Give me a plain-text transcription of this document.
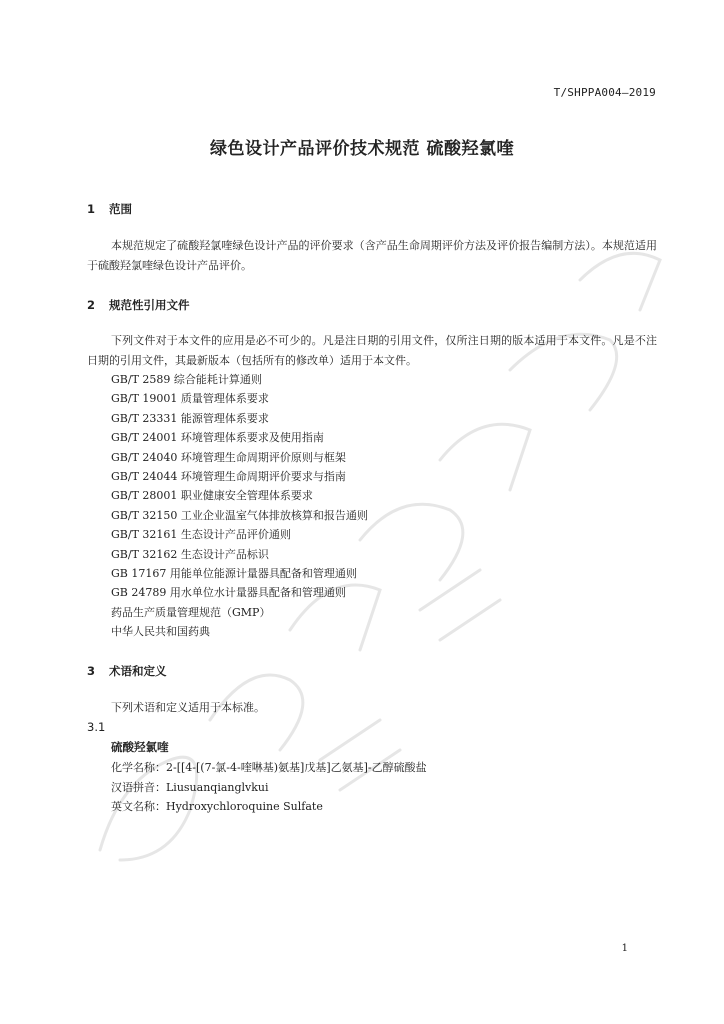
T/SHPPA004—2019
绿色设计产品评价技术规范 硫酸羟氯喹
1 范围
本规范规定了硫酸羟氯喹绿色设计产品的评价要求（含产品生命周期评价方法及评价报告编制方法）。本规范适用于硫酸羟氯喹绿色设计产品评价。
2 规范性引用文件
下列文件对于本文件的应用是必不可少的。凡是注日期的引用文件，仅所注日期的版本适用于本文件。凡是不注日期的引用文件，其最新版本（包括所有的修改单）适用于本文件。
GB/T 2589 综合能耗计算通则
GB/T 19001 质量管理体系要求
GB/T 23331 能源管理体系要求
GB/T 24001 环境管理体系要求及使用指南
GB/T 24040 环境管理生命周期评价原则与框架
GB/T 24044 环境管理生命周期评价要求与指南
GB/T 28001 职业健康安全管理体系要求
GB/T 32150 工业企业温室气体排放核算和报告通则
GB/T 32161 生态设计产品评价通则
GB/T 32162 生态设计产品标识
GB 17167 用能单位能源计量器具配备和管理通则
GB 24789 用水单位水计量器具配备和管理通则
药品生产质量管理规范（GMP）
中华人民共和国药典
3 术语和定义
下列术语和定义适用于本标准。
3.1
硫酸羟氯喹
化学名称：2-[[4-[(7-氯-4-喹啉基)氨基]戊基]乙氨基]-乙醇硫酸盐
汉语拼音：Liusuanqianglvkui
英文名称：Hydroxychloroquine Sulfate
1
